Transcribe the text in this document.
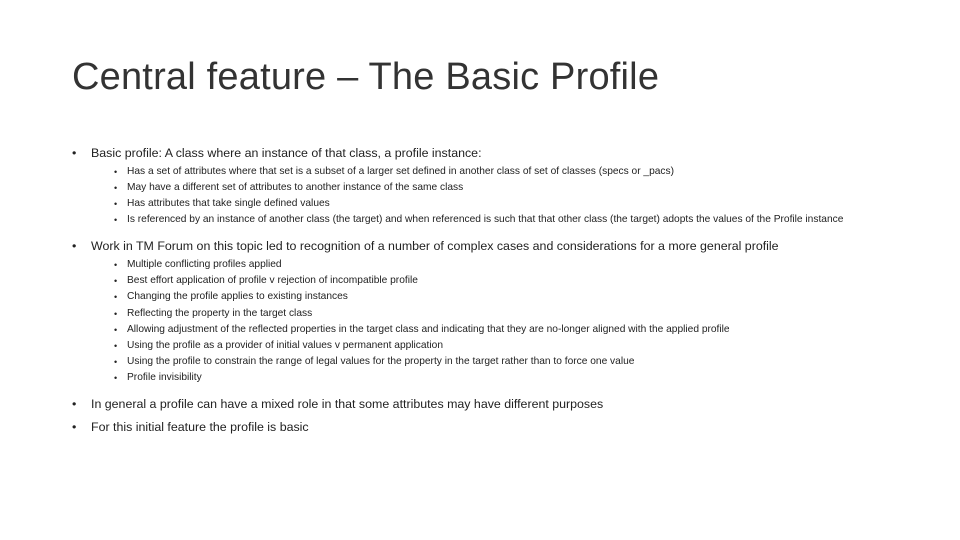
Central feature – The Basic Profile
• Basic profile: A class where an instance of that class, a profile instance:
• Has a set of attributes where that set is a subset of a larger set defined in another class of set of classes (specs or _pacs)
• May have a different set of attributes to another instance of the same class
• Has attributes that take single defined values
• Is referenced by an instance of another class (the target) and when referenced is such that that other class (the target) adopts the values of the Profile instance
• Work in TM Forum on this topic led to recognition of a number of complex cases and considerations for a more general profile
• Multiple conflicting profiles applied
• Best effort application of profile v rejection of incompatible profile
• Changing the profile applies to existing instances
• Reflecting the property in the target class
• Allowing adjustment of the reflected properties in the target class and indicating that they are no-longer aligned with the applied profile
• Using the profile as a provider of initial values v permanent application
• Using the profile to constrain the range of legal values for the property in the target rather than to force one value
• Profile invisibility
• In general a profile can have a mixed role in that some attributes may have different purposes
• For this initial feature the profile is basic
